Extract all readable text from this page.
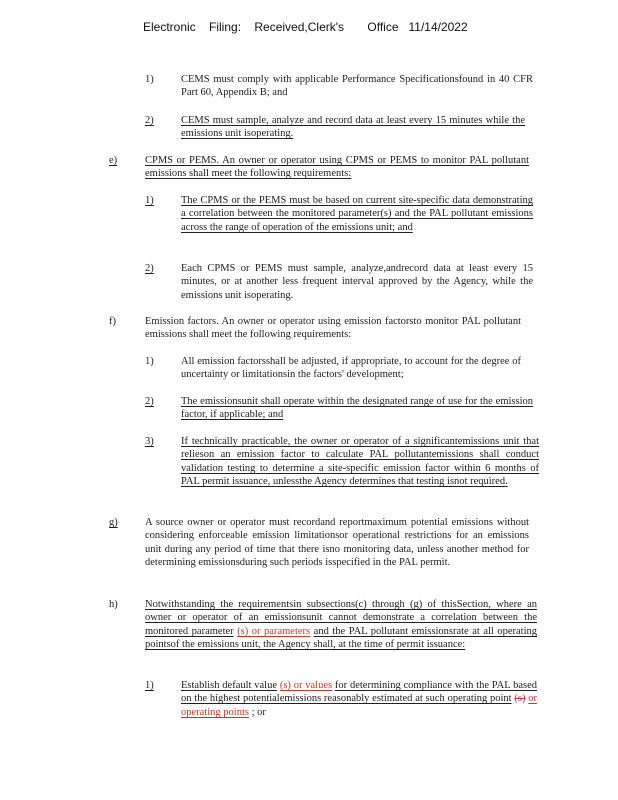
Electronic    Filing:    Received,Clerk's       Office   11/14/2022
1)	CEMS must comply with applicable Performance Specificationsfound in 40 CFR Part 60, Appendix B; and
2)	CEMS must sample, analyze and record data at least every 15 minutes while the emissions unit isoperating.
e)	CPMS or PEMS. An owner or operator using CPMS or PEMS to monitor PAL pollutant emissions shall meet the following requirements:
1)	The CPMS or the PEMS must be based on current site-specific data demonstrating a correlation between the monitored parameter(s) and the PAL pollutant emissions across the range of operation of the emissions unit; and
2)	Each CPMS or PEMS must sample, analyze,andrecord data at least every 15 minutes, or at another less frequent interval approved by the Agency, while the emissions unit isoperating.
f)	Emission factors. An owner or operator using emission factorsto monitor PAL pollutant emissions shall meet the following requirements:
1)	All emission factorsshall be adjusted, if appropriate, to account for the degree of uncertainty or limitationsin the factors' development;
2)	The emissionsunit shall operate within the designated range of use for the emission factor, if applicable; and
3)	If technically practicable, the owner or operator of a significantemissions unit that relieson an emission factor to calculate PAL pollutantemissions shall conduct validation testing to determine a site-specific emission factor within 6 months of PAL permit issuance, unlessthe Agency determines that testing isnot required.
g)	A source owner or operator must recordand reportmaximum potential emissions without considering enforceable emission limitationsor operational restrictions for an emissions unit during any period of time that there isno monitoring data, unless another method for determining emissionsduring such periods isspecified in the PAL permit.
h)	Notwithstanding the requirementsin subsections(c) through (g) of thisSection, where an owner or operator of an emissionsunit cannot demonstrate a correlation between the monitored parameter (s) or parameters and the PAL pollutant emissionsrate at all operating pointsof the emissions unit, the Agency shall, at the time of permit issuance:
1)	Establish default value (s) or values for determining compliance with the PAL based on the highest potentialemissions reasonably estimated at such operating point (s) or operating points ; or
